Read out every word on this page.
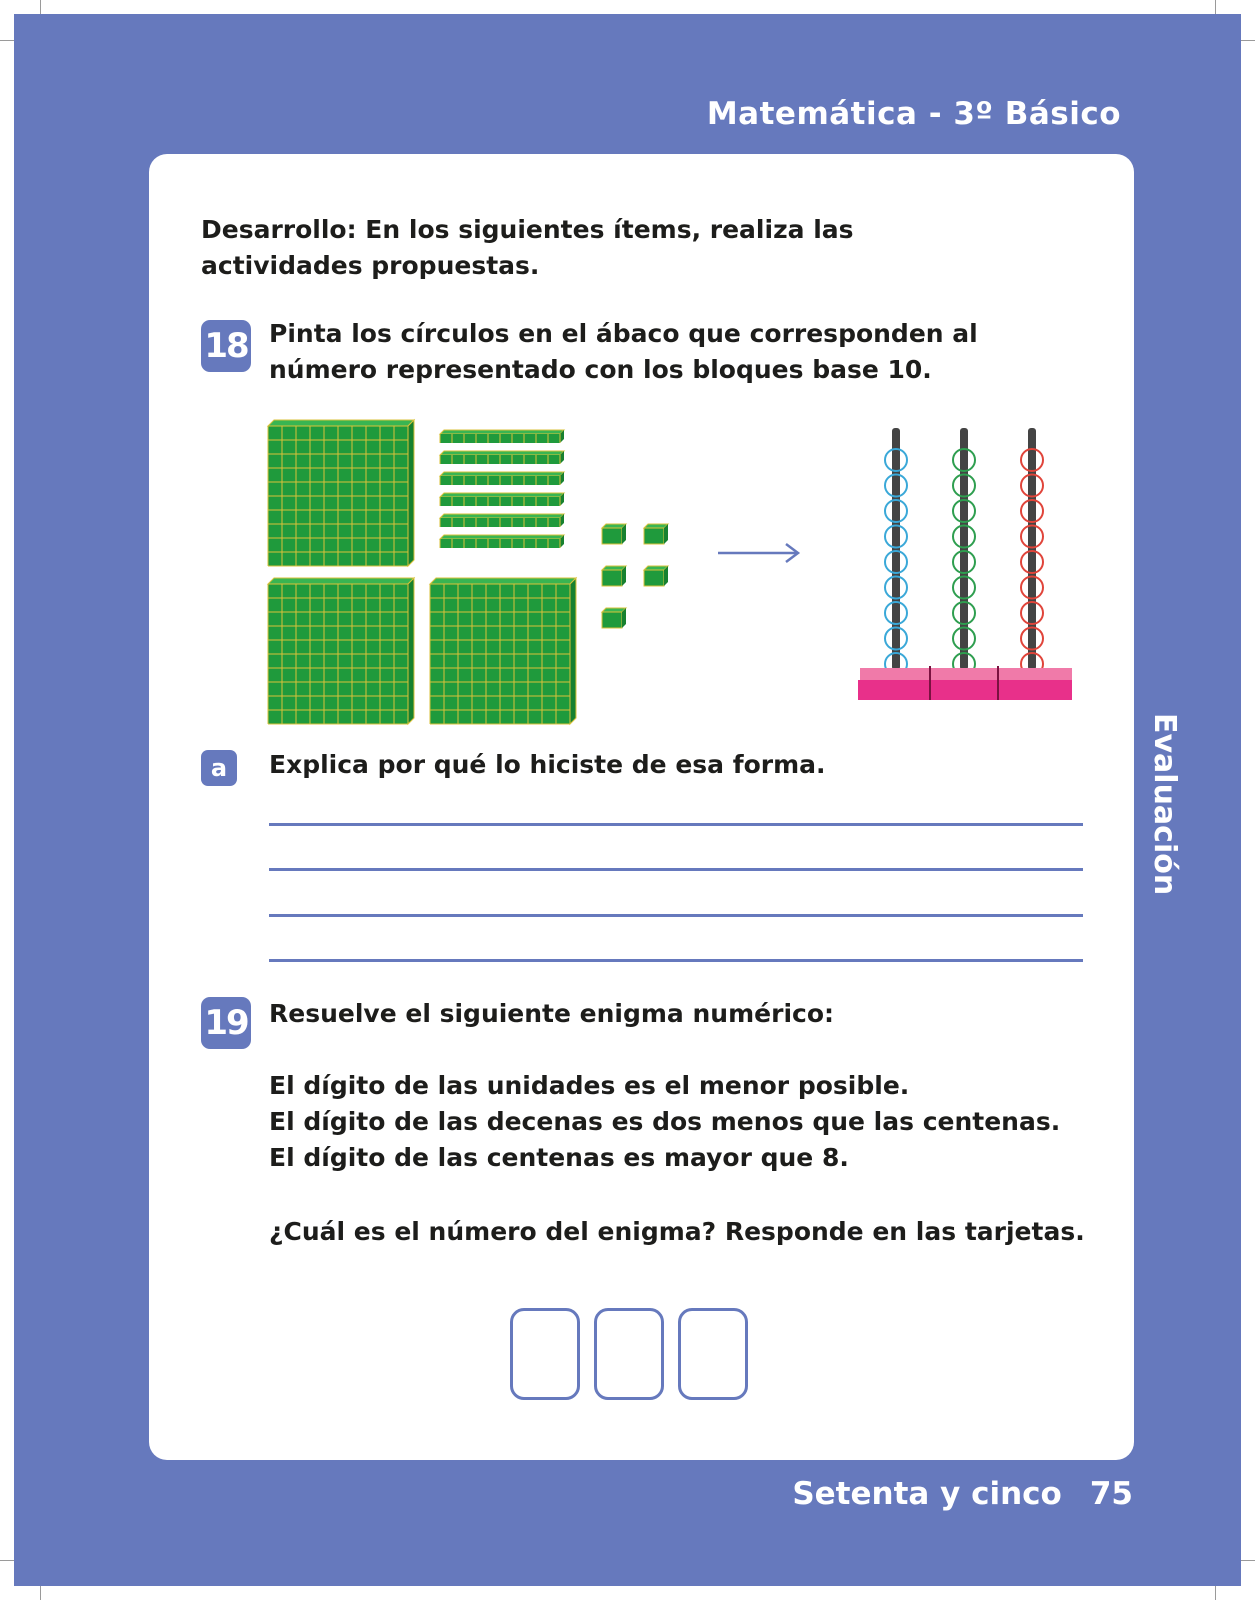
Matemática - 3º Básico
Evaluación
Setenta y cinco 75
Desarrollo: En los siguientes ítems, realiza las
actividades propuestas.
18 Pinta los círculos en el ábaco que corresponden al
número representado con los bloques base 10.
a	Explica por qué lo hiciste de esa forma.
19 Resuelve el siguiente enigma numérico:
El dígito de las unidades es el menor posible.
El dígito de las decenas es dos menos que las centenas.
El dígito de las centenas es mayor que 8.
¿Cuál es el número del enigma? Responde en las tarjetas.
